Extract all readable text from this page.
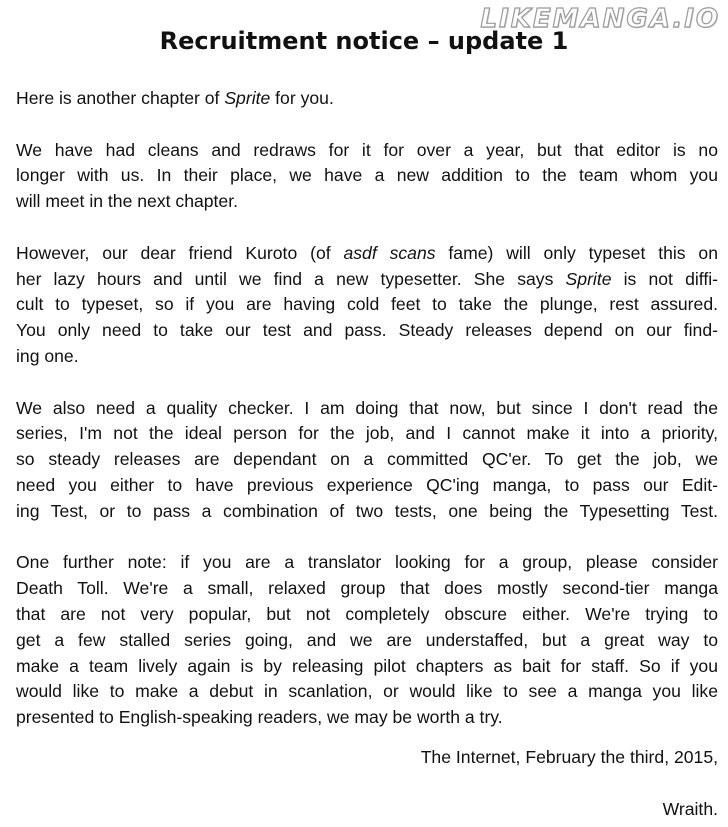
LIKEMANGA.IO
Recruitment notice – update 1

Here is another chapter of Sprite for you.

We have had cleans and redraws for it for over a year, but that editor is no
longer with us. In their place, we have a new addition to the team whom you
will meet in the next chapter.

However, our dear friend Kuroto (of asdf scans fame) will only typeset this on
her lazy hours and until we find a new typesetter. She says Sprite is not diffi-
cult to typeset, so if you are having cold feet to take the plunge, rest assured.
You only need to take our test and pass. Steady releases depend on our find-
ing one.

We also need a quality checker. I am doing that now, but since I don't read the
series, I'm not the ideal person for the job, and I cannot make it into a priority,
so steady releases are dependant on a committed QC'er. To get the job, we
need you either to have previous experience QC'ing manga, to pass our Edit-
ing Test, or to pass a combination of two tests, one being the Typesetting Test.

One further note: if you are a translator looking for a group, please consider
Death Toll. We're a small, relaxed group that does mostly second-tier manga
that are not very popular, but not completely obscure either. We're trying to
get a few stalled series going, and we are understaffed, but a great way to
make a team lively again is by releasing pilot chapters as bait for staff. So if you
would like to make a debut in scanlation, or would like to see a manga you like
presented to English-speaking readers, we may be worth a try.

The Internet, February the third, 2015,
Wraith.
